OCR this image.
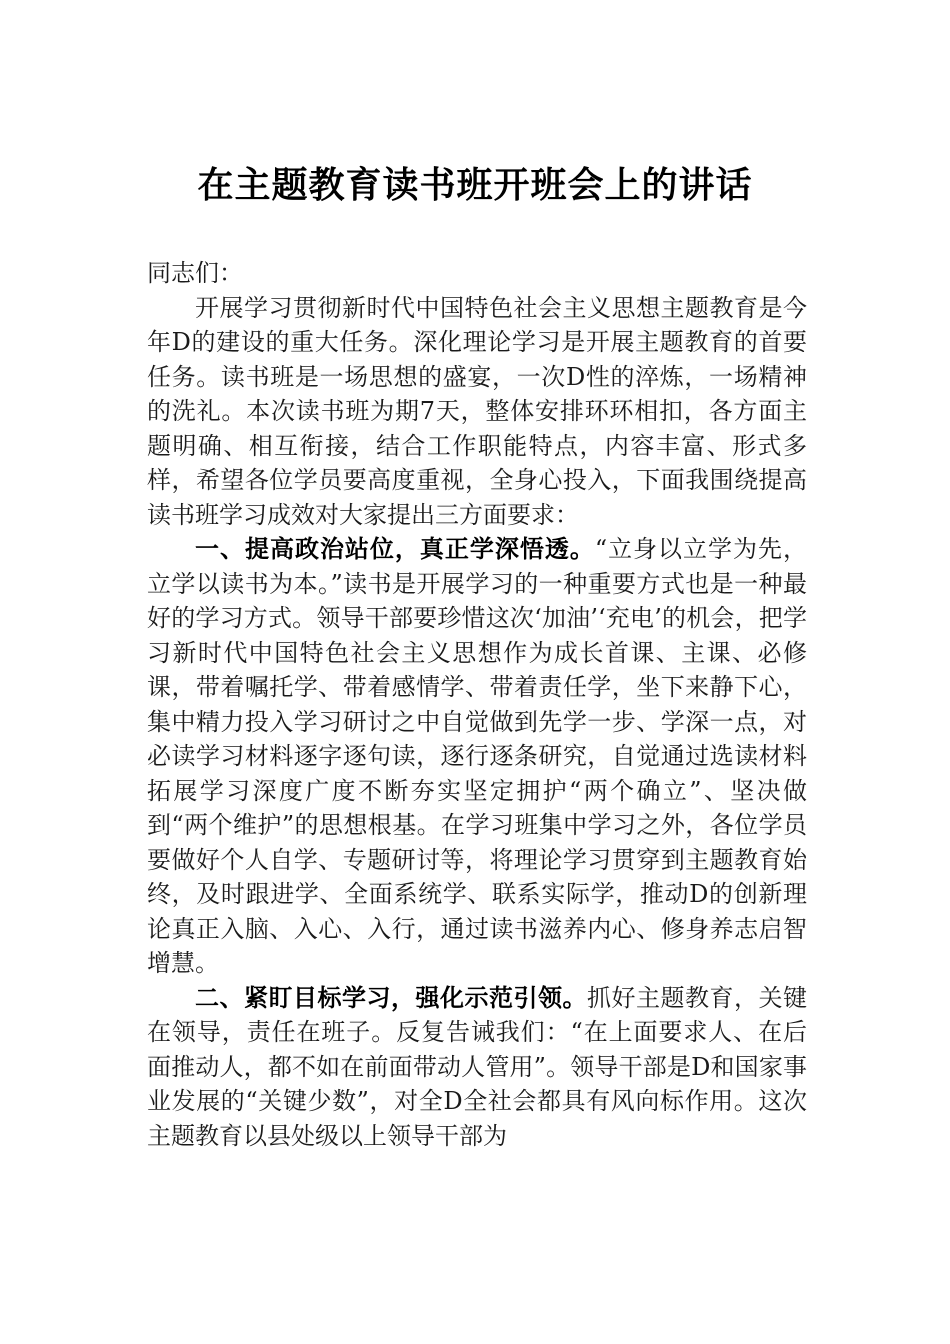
在主题教育读书班开班会上的讲话

同志们：

开展学习贯彻新时代中国特色社会主义思想主题教育是今年D的建设的重大任务。深化理论学习是开展主题教育的首要任务。读书班是一场思想的盛宴，一次D性的淬炼，一场精神的洗礼。本次读书班为期7天，整体安排环环相扣，各方面主题明确、相互衔接，结合工作职能特点，内容丰富、形式多样，希望各位学员要高度重视，全身心投入，下面我围绕提高读书班学习成效对大家提出三方面要求：

一、提高政治站位，真正学深悟透。“立身以立学为先，立学以读书为本。”读书是开展学习的一种重要方式也是一种最好的学习方式。领导干部要珍惜这次‘加油’‘充电’的机会，把学习新时代中国特色社会主义思想作为成长首课、主课、必修课，带着嘱托学、带着感情学、带着责任学，坐下来静下心，集中精力投入学习研讨之中自觉做到先学一步、学深一点，对必读学习材料逐字逐句读，逐行逐条研究，自觉通过选读材料拓展学习深度广度不断夯实坚定拥护“两个确立”、坚决做到“两个维护”的思想根基。在学习班集中学习之外，各位学员要做好个人自学、专题研讨等，将理论学习贯穿到主题教育始终，及时跟进学、全面系统学、联系实际学，推动D的创新理论真正入脑、入心、入行，通过读书滋养内心、修身养志启智增慧。

二、紧盯目标学习，强化示范引领。抓好主题教育，关键在领导，责任在班子。反复告诫我们：“在上面要求人、在后面推动人，都不如在前面带动人管用”。领导干部是D和国家事业发展的“关键少数”，对全D全社会都具有风向标作用。这次主题教育以县处级以上领导干部为
